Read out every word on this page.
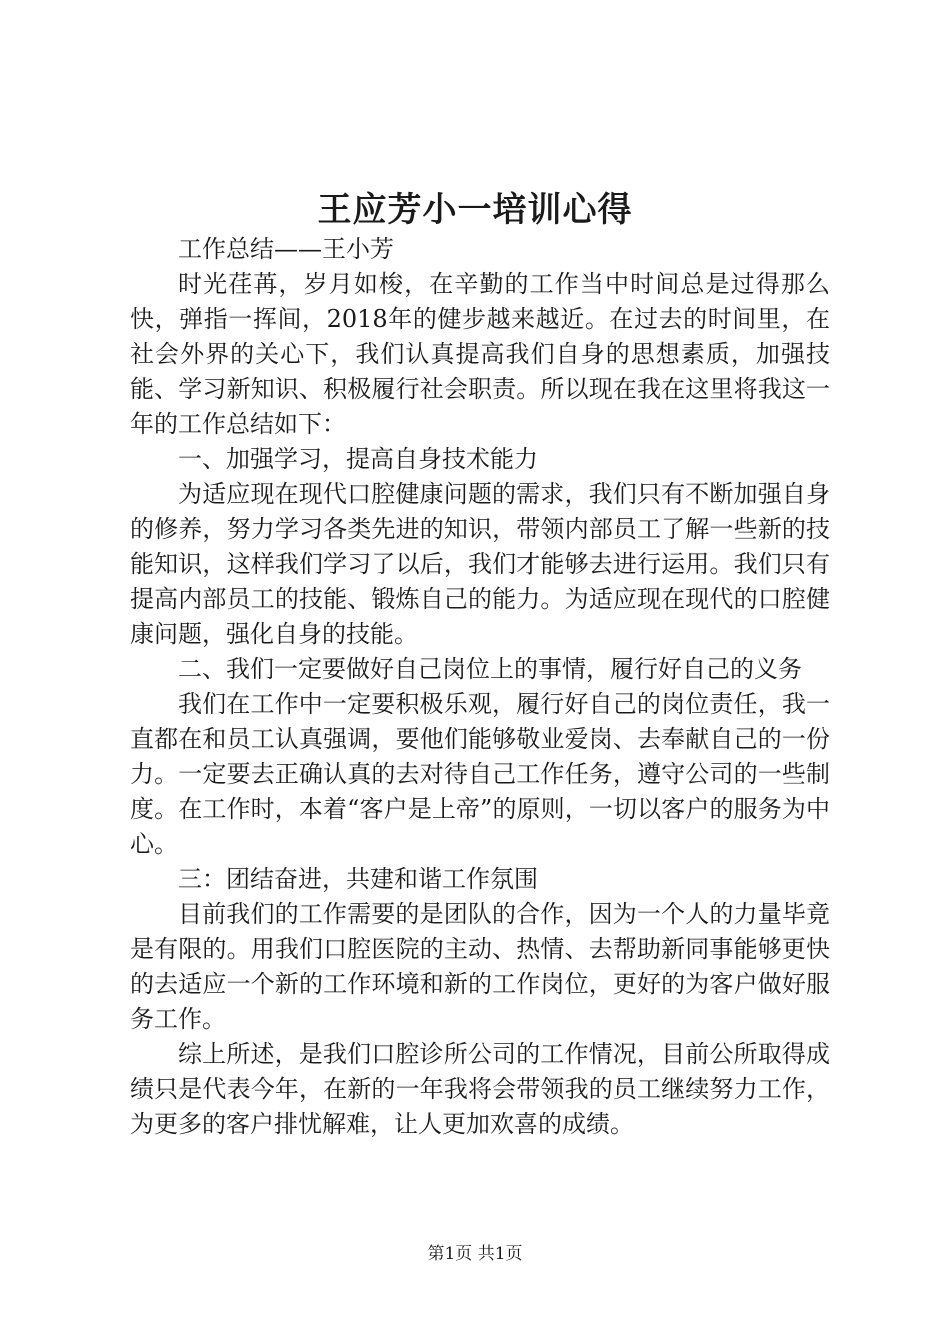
王应芳小一培训心得

工作总结——王小芳

时光荏苒，岁月如梭，在辛勤的工作当中时间总是过得那么快，弹指一挥间，2018年的健步越来越近。在过去的时间里，在社会外界的关心下，我们认真提高我们自身的思想素质，加强技能、学习新知识、积极履行社会职责。所以现在我在这里将我这一年的工作总结如下：

一、加强学习，提高自身技术能力

为适应现在现代口腔健康问题的需求，我们只有不断加强自身的修养，努力学习各类先进的知识，带领内部员工了解一些新的技能知识，这样我们学习了以后，我们才能够去进行运用。我们只有提高内部员工的技能、锻炼自己的能力。为适应现在现代的口腔健康问题，强化自身的技能。

二、我们一定要做好自己岗位上的事情，履行好自己的义务

我们在工作中一定要积极乐观，履行好自己的岗位责任，我一直都在和员工认真强调，要他们能够敬业爱岗、去奉献自己的一份力。一定要去正确认真的去对待自己工作任务，遵守公司的一些制度。在工作时，本着“客户是上帝”的原则，一切以客户的服务为中心。

三：团结奋进，共建和谐工作氛围

目前我们的工作需要的是团队的合作，因为一个人的力量毕竟是有限的。用我们口腔医院的主动、热情、去帮助新同事能够更快的去适应一个新的工作环境和新的工作岗位，更好的为客户做好服务工作。

综上所述，是我们口腔诊所公司的工作情况，目前公所取得成绩只是代表今年，在新的一年我将会带领我的员工继续努力工作，为更多的客户排忧解难，让人更加欢喜的成绩。

第1页 共1页
